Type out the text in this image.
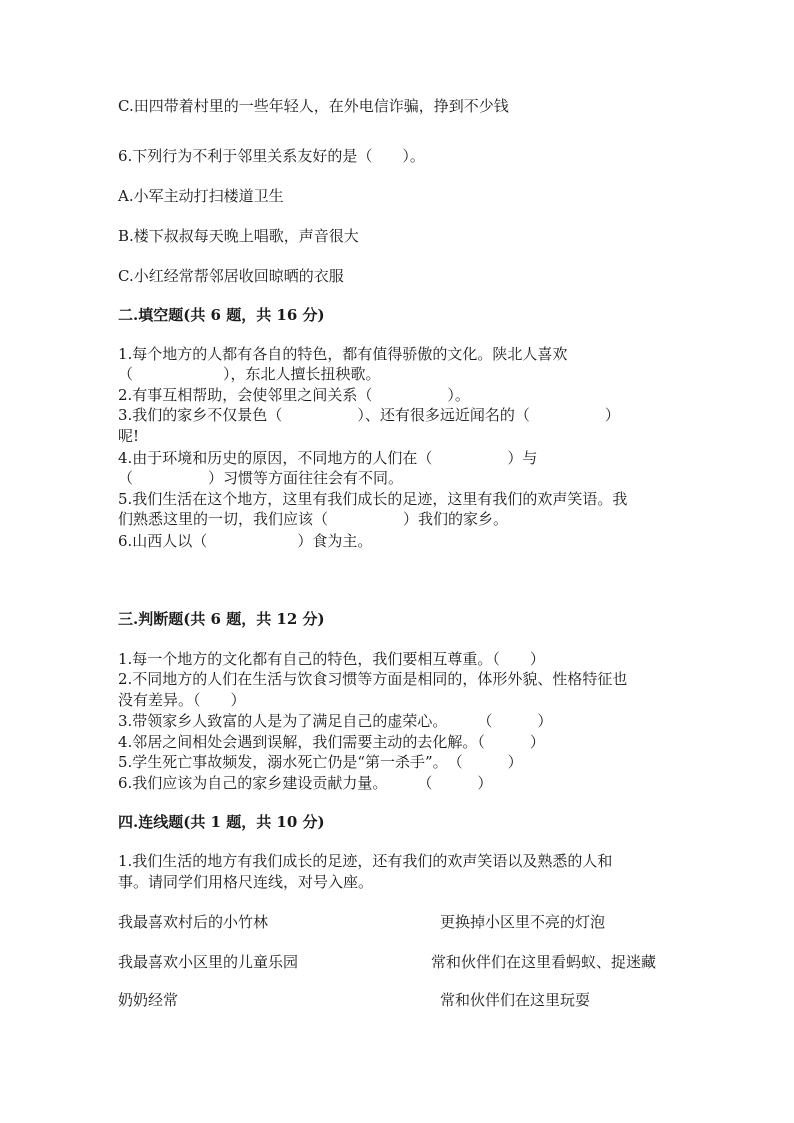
C.田四带着村里的一些年轻人，在外电信诈骗，挣到不少钱

6.下列行为不利于邻里关系友好的是（　　）。

A.小军主动打扫楼道卫生

B.楼下叔叔每天晚上唱歌，声音很大

C.小红经常帮邻居收回晾晒的衣服

二.填空题(共 6 题，共 16 分)

1.每个地方的人都有各自的特色，都有值得骄傲的文化。陕北人喜欢

（　　　　　　），东北人擅长扭秧歌。

2.有事互相帮助，会使邻里之间关系（　　　　　）。

3.我们的家乡不仅景色（　　　　　）、还有很多远近闻名的（　　　　　）

呢!

4.由于环境和历史的原因，不同地方的人们在（　　　　　）与

（　　　　　）习惯等方面往往会有不同。

5.我们生活在这个地方，这里有我们成长的足迹，这里有我们的欢声笑语。我

们熟悉这里的一切，我们应该（　　　　　）我们的家乡。

6.山西人以（　　　　　　）食为主。

三.判断题(共 6 题，共 12 分)

1.每一个地方的文化都有自己的特色，我们要相互尊重。（　　）

2.不同地方的人们在生活与饮食习惯等方面是相同的，体形外貌、性格特征也

没有差异。（　　）

3.带领家乡人致富的人是为了满足自己的虚荣心。　　　（　　　）

4.邻居之间相处会遇到误解，我们需要主动的去化解。（　　　）

5.学生死亡事故频发，溺水死亡仍是“第一杀手”。　（　　　）

6.我们应该为自己的家乡建设贡献力量。　　　（　　　）

四.连线题(共 1 题，共 10 分)

1.我们生活的地方有我们成长的足迹，还有我们的欢声笑语以及熟悉的人和

事。请同学们用格尺连线，对号入座。

我最喜欢村后的小竹林	更换掉小区里不亮的灯泡
我最喜欢小区里的儿童乐园	常和伙伴们在这里看蚂蚁、捉迷藏
奶奶经常	常和伙伴们在这里玩耍
